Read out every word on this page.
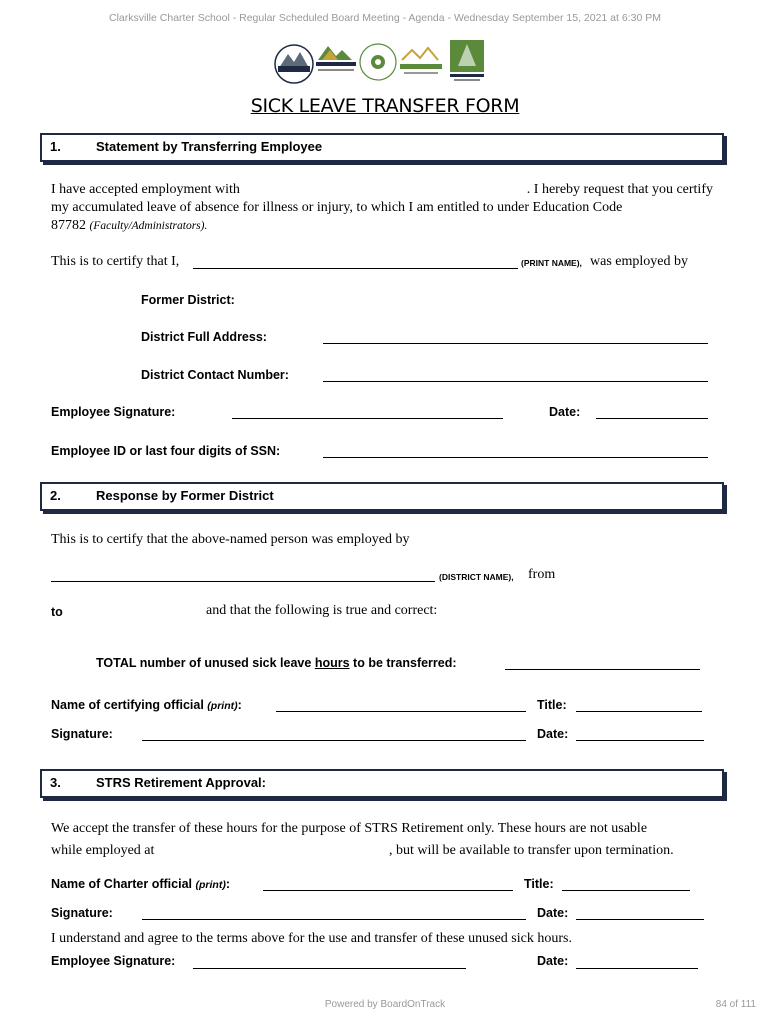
Clarksville Charter School - Regular Scheduled Board Meeting - Agenda - Wednesday September 15, 2021 at 6:30 PM
SICK LEAVE TRANSFER FORM
1.	Statement by Transferring Employee
I have accepted employment with	. I hereby request that you certify
my accumulated leave of absence for illness or injury, to which I am entitled to under Education Code
87782 (Faculty/Administrators).
This is to certify that I,	(PRINT NAME), was employed by
Former District:
District Full Address:
District Contact Number:
Employee Signature:	Date:
Employee ID or last four digits of SSN:
2.	Response by Former District
This is to certify that the above-named person was employed by
(DISTRICT NAME), from
to	and that the following is true and correct:
TOTAL number of unused sick leave hours to be transferred:
Name of certifying official (print):	Title:
Signature:	Date:
3.	STRS Retirement Approval:
We accept the transfer of these hours for the purpose of STRS Retirement only. These hours are not usable
while employed at	, but will be available to transfer upon termination.
Name of Charter official (print):	Title:
Signature:	Date:
I understand and agree to the terms above for the use and transfer of these unused sick hours.
Employee Signature:	Date:
Powered by BoardOnTrack	84 of 111
